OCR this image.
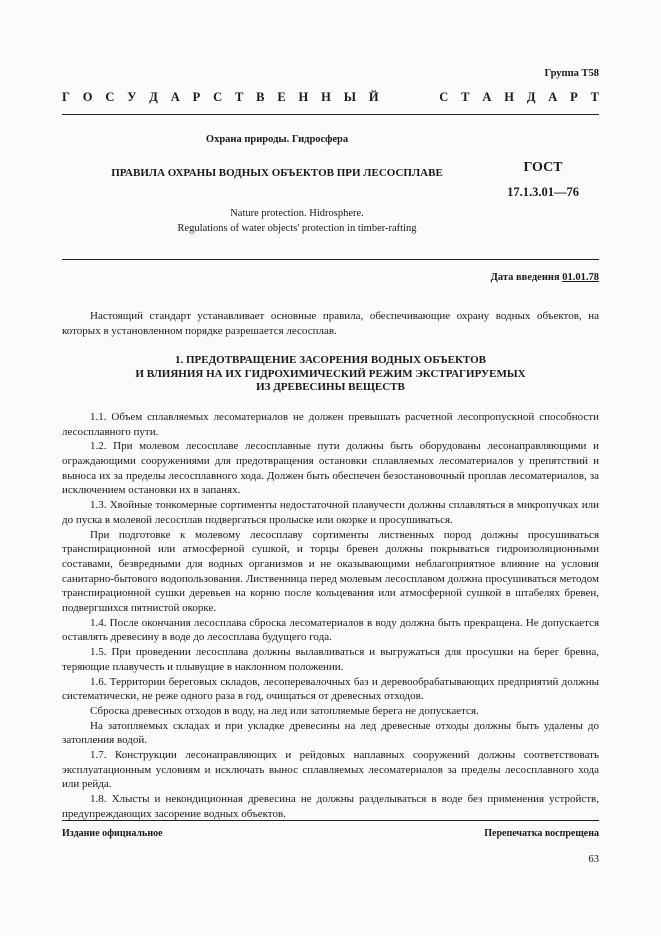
Группа Т58
Г О С У Д А Р С Т В Е Н Н Ы Й

	С Т А Н Д А Р Т
Охрана природы. Гидросфера
ПРАВИЛА ОХРАНЫ ВОДНЫХ ОБЪЕКТОВ ПРИ ЛЕСОСПЛАВЕ	ГОСТ
17.1.3.01—76
Nature protection. Hidrosphere.
Regulations of water objects' protection in timber-rafting
Дата введения 01.01.78

Настоящий стандарт устанавливает основные правила, обеспечивающие охрану водных объектов, на которых в установленном порядке разрешается лесосплав.

1. ПРЕДОТВРАЩЕНИЕ ЗАСОРЕНИЯ ВОДНЫХ ОБЪЕКТОВ
И ВЛИЯНИЯ НА ИХ ГИДРОХИМИЧЕСКИЙ РЕЖИМ ЭКСТРАГИРУЕМЫХ
ИЗ ДРЕВЕСИНЫ ВЕЩЕСТВ

1.1. Объем сплавляемых лесоматериалов не должен превышать расчетной лесопропускной способности лесосплавного пути.

1.2. При молевом лесосплаве лесосплавные пути должны быть оборудованы лесонаправляющими и ограждающими сооружениями для предотвращения остановки сплавляемых лесоматериалов у препятствий и выноса их за пределы лесосплавного хода. Должен быть обеспечен безостановочный проплав лесоматериалов, за исключением остановки их в запанях.

1.3. Хвойные тонкомерные сортименты недостаточной плавучести должны сплавляться в микропучках или до пуска в молевой лесосплав подвергаться пролыске или окорке и просушиваться.

При подготовке к молевому лесосплаву сортименты лиственных пород должны просушиваться транспирационной или атмосферной сушкой, и торцы бревен должны покрываться гидроизоляционными составами, безвредными для водных организмов и не оказывающими неблагоприятное влияние на условия санитарно-бытового водопользования. Лиственница перед молевым лесосплавом должна просушиваться методом транспирационной сушки деревьев на корню после кольцевания или атмосферной сушкой в штабелях бревен, подвергшихся пятнистой окорке.

1.4. После окончания лесосплава сброска лесоматериалов в воду должна быть прекращена. Не допускается оставлять древесину в воде до лесосплава будущего года.

1.5. При проведении лесосплава должны вылавливаться и выгружаться для просушки на берег бревна, теряющие плавучесть и плывущие в наклонном положении.

1.6. Территории береговых складов, лесоперевалочных баз и деревообрабатывающих предприятий должны систематически, не реже одного раза в год, очищаться от древесных отходов.

Сброска древесных отходов в воду, на лед или затопляемые берега не допускается.

На затопляемых складах и при укладке древесины на лед древесные отходы должны быть удалены до затопления водой.

1.7. Конструкции лесонаправляющих и рейдовых наплавных сооружений должны соответствовать эксплуатационным условиям и исключать вынос сплавляемых лесоматериалов за пределы лесосплавного хода или рейда.

1.8. Хлысты и некондиционная древесина не должны разделываться в воде без применения устройств, предупреждающих засорение водных объектов.

Издание официальное	Перепечатка воспрещена
63
